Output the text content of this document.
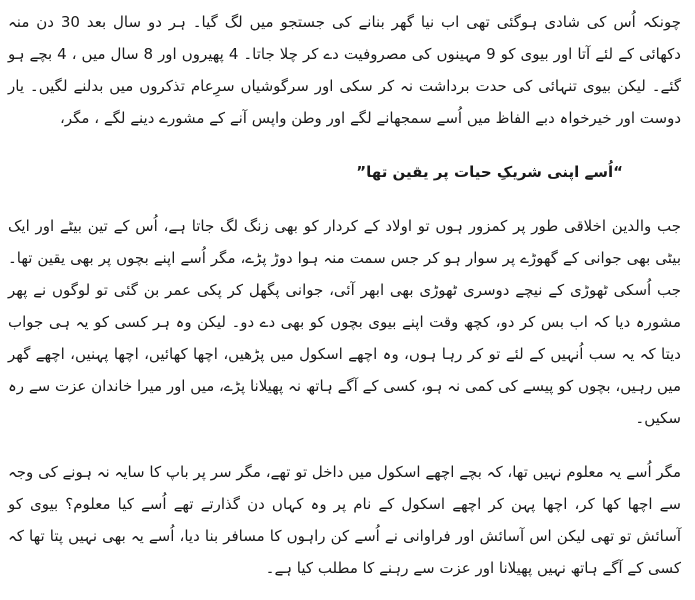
چونکہ اُس کی شادی ہوگئی تھی اب نیا گھر بنانے کی جستجو میں لگ گیا۔ ہر دو سال بعد 30 دن منہ دکھائی کے لئے آتا اور بیوی کو 9 مہینوں کی مصروفیت دے کر چلا جاتا۔ 4 پھیروں اور 8 سال میں ، 4 بچے ہو گئے۔ لیکن بیوی تنہائی کی حدت برداشت نہ کر سکی اور سرگوشیاں سرِعام تذکروں میں بدلنے لگیں۔ یار دوست اور خیرخواہ دبے الفاظ میں اُسے سمجھانے لگے اور وطن واپس آنے کے مشورے دینے لگے ، مگر،

“اُسے اپنی شریکِ حیات پر یقین تھا”

جب والدین اخلاقی طور پر کمزور ہوں تو اولاد کے کردار کو بھی زنگ لگ جاتا ہے، اُس کے تین بیٹے اور ایک بیٹی بھی جوانی کے گھوڑے پر سوار ہو کر جس سمت منہ ہوا دوڑ پڑے، مگر اُسے اپنے بچوں پر بھی یقین تھا۔ جب اُسکی ٹھوڑی کے نیچے دوسری ٹھوڑی بھی ابھر آئی، جوانی پگھل کر پکی عمر بن گئی تو لوگوں نے پھر مشورہ دیا کہ اب بس کر دو، کچھ وقت اپنے بیوی بچوں کو بھی دے دو۔ لیکن وہ ہر کسی کو یہ ہی جواب دیتا کہ یہ سب اُنہیں کے لئے تو کر رہا ہوں، وہ اچھے اسکول میں پڑھیں، اچھا کھائیں، اچھا پہنیں، اچھے گھر میں رہیں، بچوں کو پیسے کی کمی نہ ہو، کسی کے آگے ہاتھ نہ پھیلانا پڑے، میں اور میرا خاندان عزت سے رہ سکیں۔

مگر اُسے یہ معلوم نہیں تھا، کہ بچے اچھے اسکول میں داخل تو تھے، مگر سر پر باپ کا سایہ نہ ہونے کی وجہ سے اچھا کھا کر، اچھا پہن کر اچھے اسکول کے نام پر وہ کہاں دن گذارتے تھے اُسے کیا معلوم؟ بیوی کو آسائش تو تھی لیکن اس آسائش اور فراوانی نے اُسے کن راہوں کا مسافر بنا دیا، اُسے یہ بھی نہیں پتا تھا کہ کسی کے آگے ہاتھ نہیں پھیلانا اور عزت سے رہنے کا مطلب کیا ہے۔
